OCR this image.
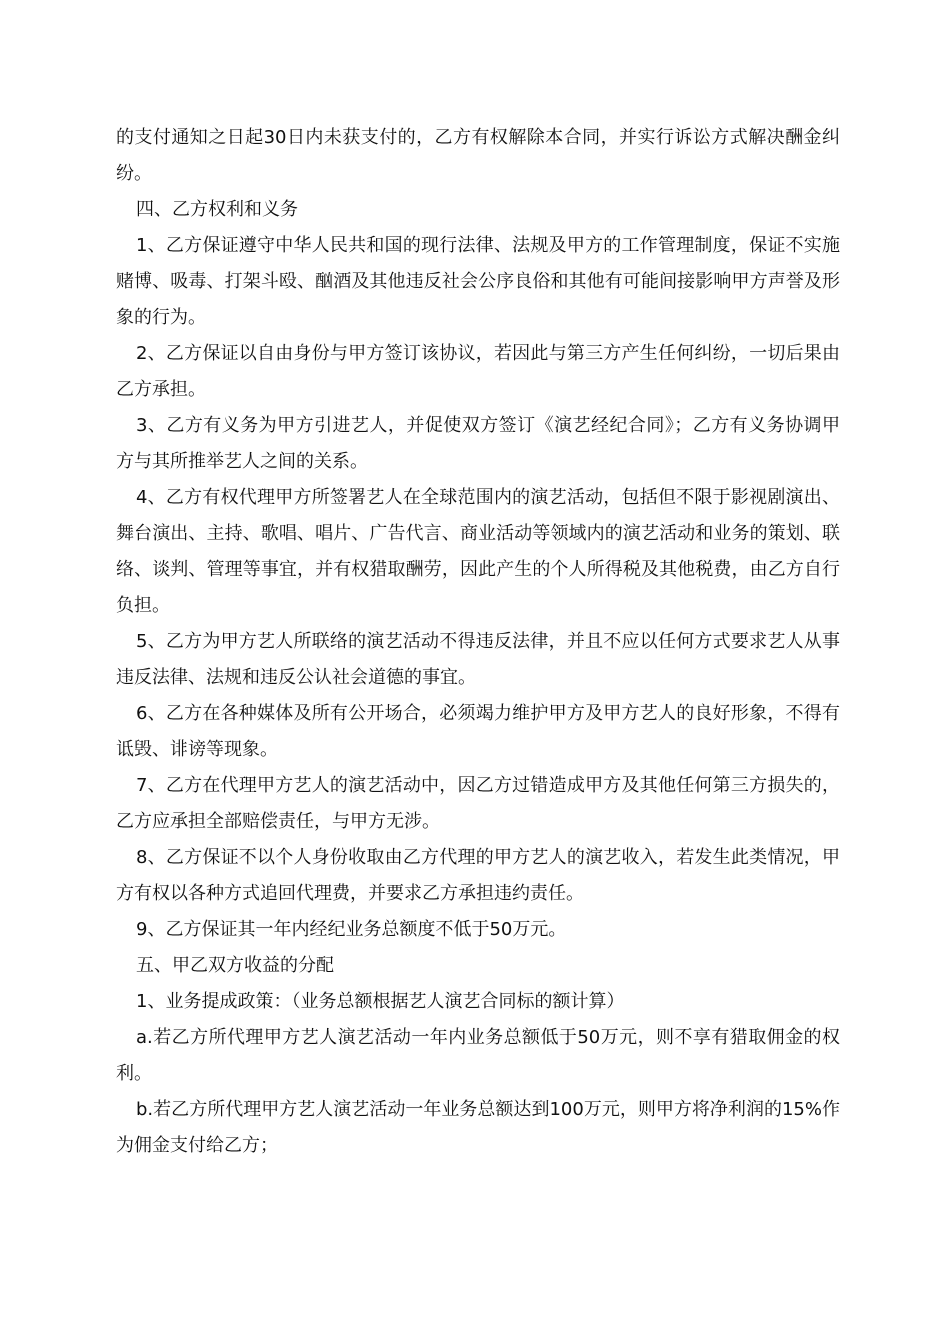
的支付通知之日起30日内未获支付的，乙方有权解除本合同，并实行诉讼方式解决酬金纠纷。

四、乙方权利和义务

1、乙方保证遵守中华人民共和国的现行法律、法规及甲方的工作管理制度，保证不实施赌博、吸毒、打架斗殴、酗酒及其他违反社会公序良俗和其他有可能间接影响甲方声誉及形象的行为。

2、乙方保证以自由身份与甲方签订该协议，若因此与第三方产生任何纠纷，一切后果由乙方承担。

3、乙方有义务为甲方引进艺人，并促使双方签订《演艺经纪合同》；乙方有义务协调甲方与其所推举艺人之间的关系。

4、乙方有权代理甲方所签署艺人在全球范围内的演艺活动，包括但不限于影视剧演出、舞台演出、主持、歌唱、唱片、广告代言、商业活动等领域内的演艺活动和业务的策划、联络、谈判、管理等事宜，并有权猎取酬劳，因此产生的个人所得税及其他税费，由乙方自行负担。

5、乙方为甲方艺人所联络的演艺活动不得违反法律，并且不应以任何方式要求艺人从事违反法律、法规和违反公认社会道德的事宜。

6、乙方在各种媒体及所有公开场合，必须竭力维护甲方及甲方艺人的良好形象，不得有诋毁、诽谤等现象。

7、乙方在代理甲方艺人的演艺活动中，因乙方过错造成甲方及其他任何第三方损失的，乙方应承担全部赔偿责任，与甲方无涉。

8、乙方保证不以个人身份收取由乙方代理的甲方艺人的演艺收入，若发生此类情况，甲方有权以各种方式追回代理费，并要求乙方承担违约责任。

9、乙方保证其一年内经纪业务总额度不低于50万元。

五、甲乙双方收益的分配

1、业务提成政策：（业务总额根据艺人演艺合同标的额计算）

a.若乙方所代理甲方艺人演艺活动一年内业务总额低于50万元，则不享有猎取佣金的权利。

b.若乙方所代理甲方艺人演艺活动一年业务总额达到100万元，则甲方将净利润的15%作为佣金支付给乙方；
